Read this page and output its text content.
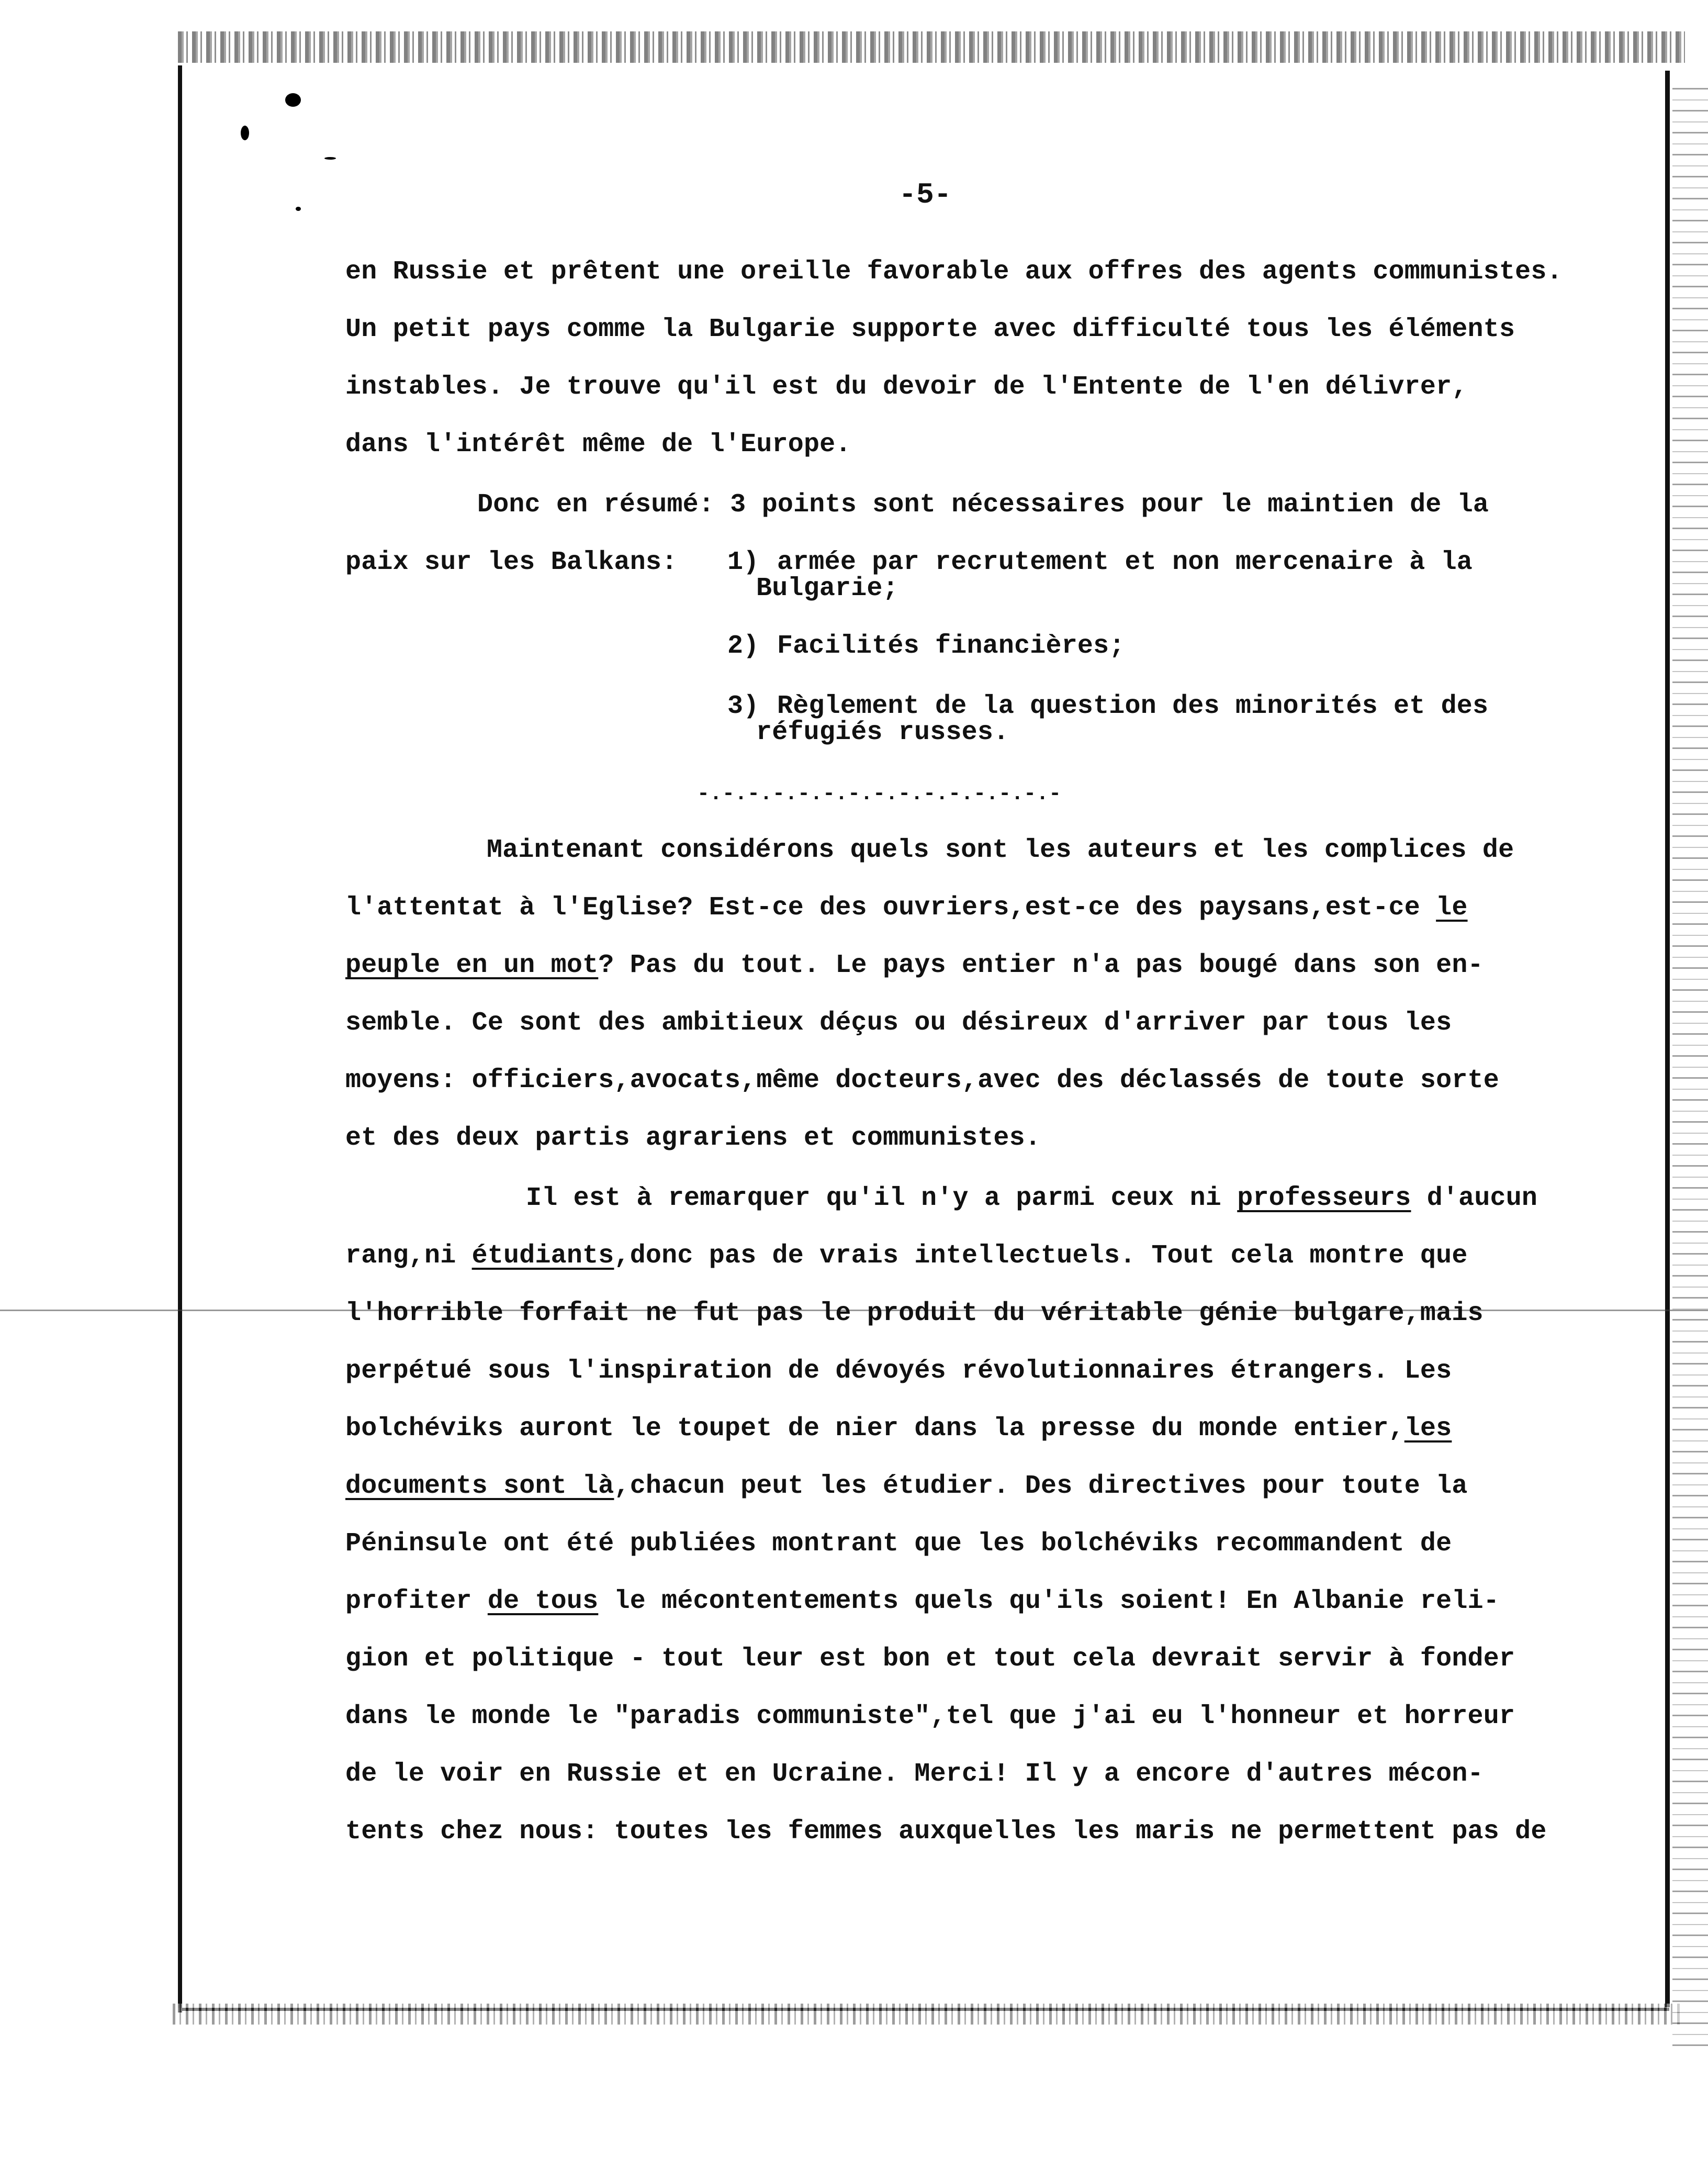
-5-
en Russie et prêtent une oreille favorable aux offres des agents communistes.
Un petit pays comme la Bulgarie supporte avec difficulté tous les éléments
instables. Je trouve qu'il est du devoir de l'Entente de l'en délivrer,
dans l'intérêt même de l'Europe.
Donc en résumé: 3 points sont nécessaires pour le maintien de la
paix sur les Balkans: 1) armée par recrutement et non mercenaire à la
Bulgarie;
2) Facilités financières;
3) Règlement de la question des minorités et des
réfugiés russes.
-.-.-.-.-.-.-.-.-.-.-.-.-.-.-
Maintenant considérons quels sont les auteurs et les complices de
l'attentat à l'Eglise? Est-ce des ouvriers,est-ce des paysans,est-ce le
peuple en un mot? Pas du tout. Le pays entier n'a pas bougé dans son en-
semble. Ce sont des ambitieux déçus ou désireux d'arriver par tous les
moyens: officiers,avocats,même docteurs,avec des déclassés de toute sorte
et des deux partis agrariens et communistes.
Il est à remarquer qu'il n'y a parmi ceux ni professeurs d'aucun
rang,ni étudiants,donc pas de vrais intellectuels. Tout cela montre que
l'horrible forfait ne fut pas le produit du véritable génie bulgare,mais
perpétué sous l'inspiration de dévoyés révolutionnaires étrangers. Les
bolchéviks auront le toupet de nier dans la presse du monde entier,les
documents sont là,chacun peut les étudier. Des directives pour toute la
Péninsule ont été publiées montrant que les bolchéviks recommandent de
profiter de tous le mécontentements quels qu'ils soient! En Albanie reli-
gion et politique - tout leur est bon et tout cela devrait servir à fonder
dans le monde le "paradis communiste",tel que j'ai eu l'honneur et horreur
de le voir en Russie et en Ucraine. Merci! Il y a encore d'autres mécon-
tents chez nous: toutes les femmes auxquelles les maris ne permettent pas de
